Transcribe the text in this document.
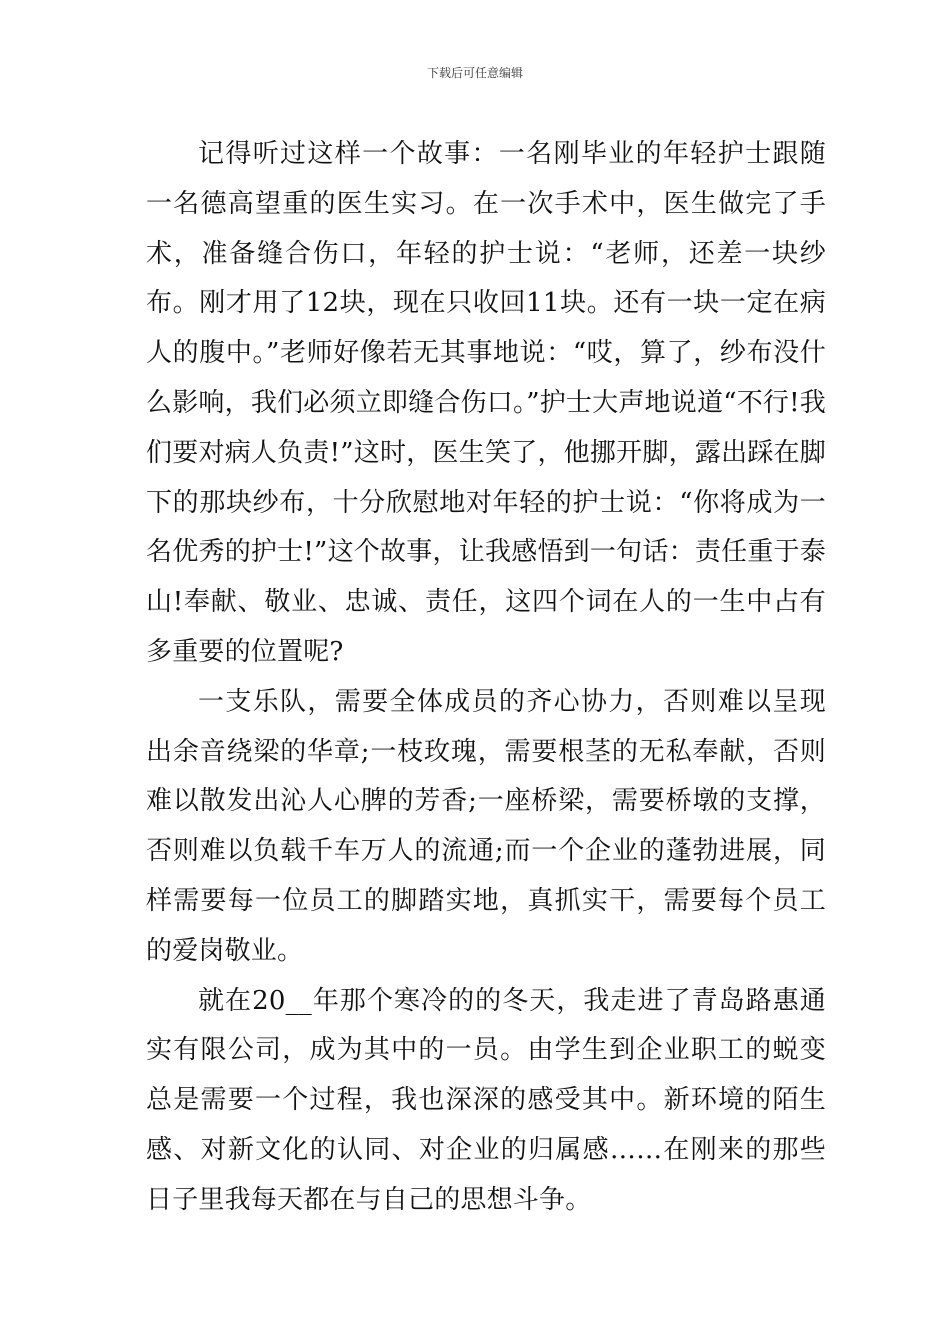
下载后可任意编辑

记得听过这样一个故事：一名刚毕业的年轻护士跟随一名德高望重的医生实习。在一次手术中，医生做完了手术，准备缝合伤口，年轻的护士说：“老师，还差一块纱布。刚才用了12块，现在只收回11块。还有一块一定在病人的腹中。”老师好像若无其事地说：“哎，算了，纱布没什么影响，我们必须立即缝合伤口。”护士大声地说道“不行!我们要对病人负责!”这时，医生笑了，他挪开脚，露出踩在脚下的那块纱布，十分欣慰地对年轻的护士说：“你将成为一名优秀的护士!”这个故事，让我感悟到一句话：责任重于泰山!奉献、敬业、忠诚、责任，这四个词在人的一生中占有多重要的位置呢?

一支乐队，需要全体成员的齐心协力，否则难以呈现出余音绕梁的华章;一枝玫瑰，需要根茎的无私奉献，否则难以散发出沁人心脾的芳香;一座桥梁，需要桥墩的支撑，否则难以负载千车万人的流通;而一个企业的蓬勃进展，同样需要每一位员工的脚踏实地，真抓实干，需要每个员工的爱岗敬业。

就在20__年那个寒冷的的冬天，我走进了青岛路惠通实有限公司，成为其中的一员。由学生到企业职工的蜕变总是需要一个过程，我也深深的感受其中。新环境的陌生感、对新文化的认同、对企业的归属感……在刚来的那些日子里我每天都在与自己的思想斗争。
